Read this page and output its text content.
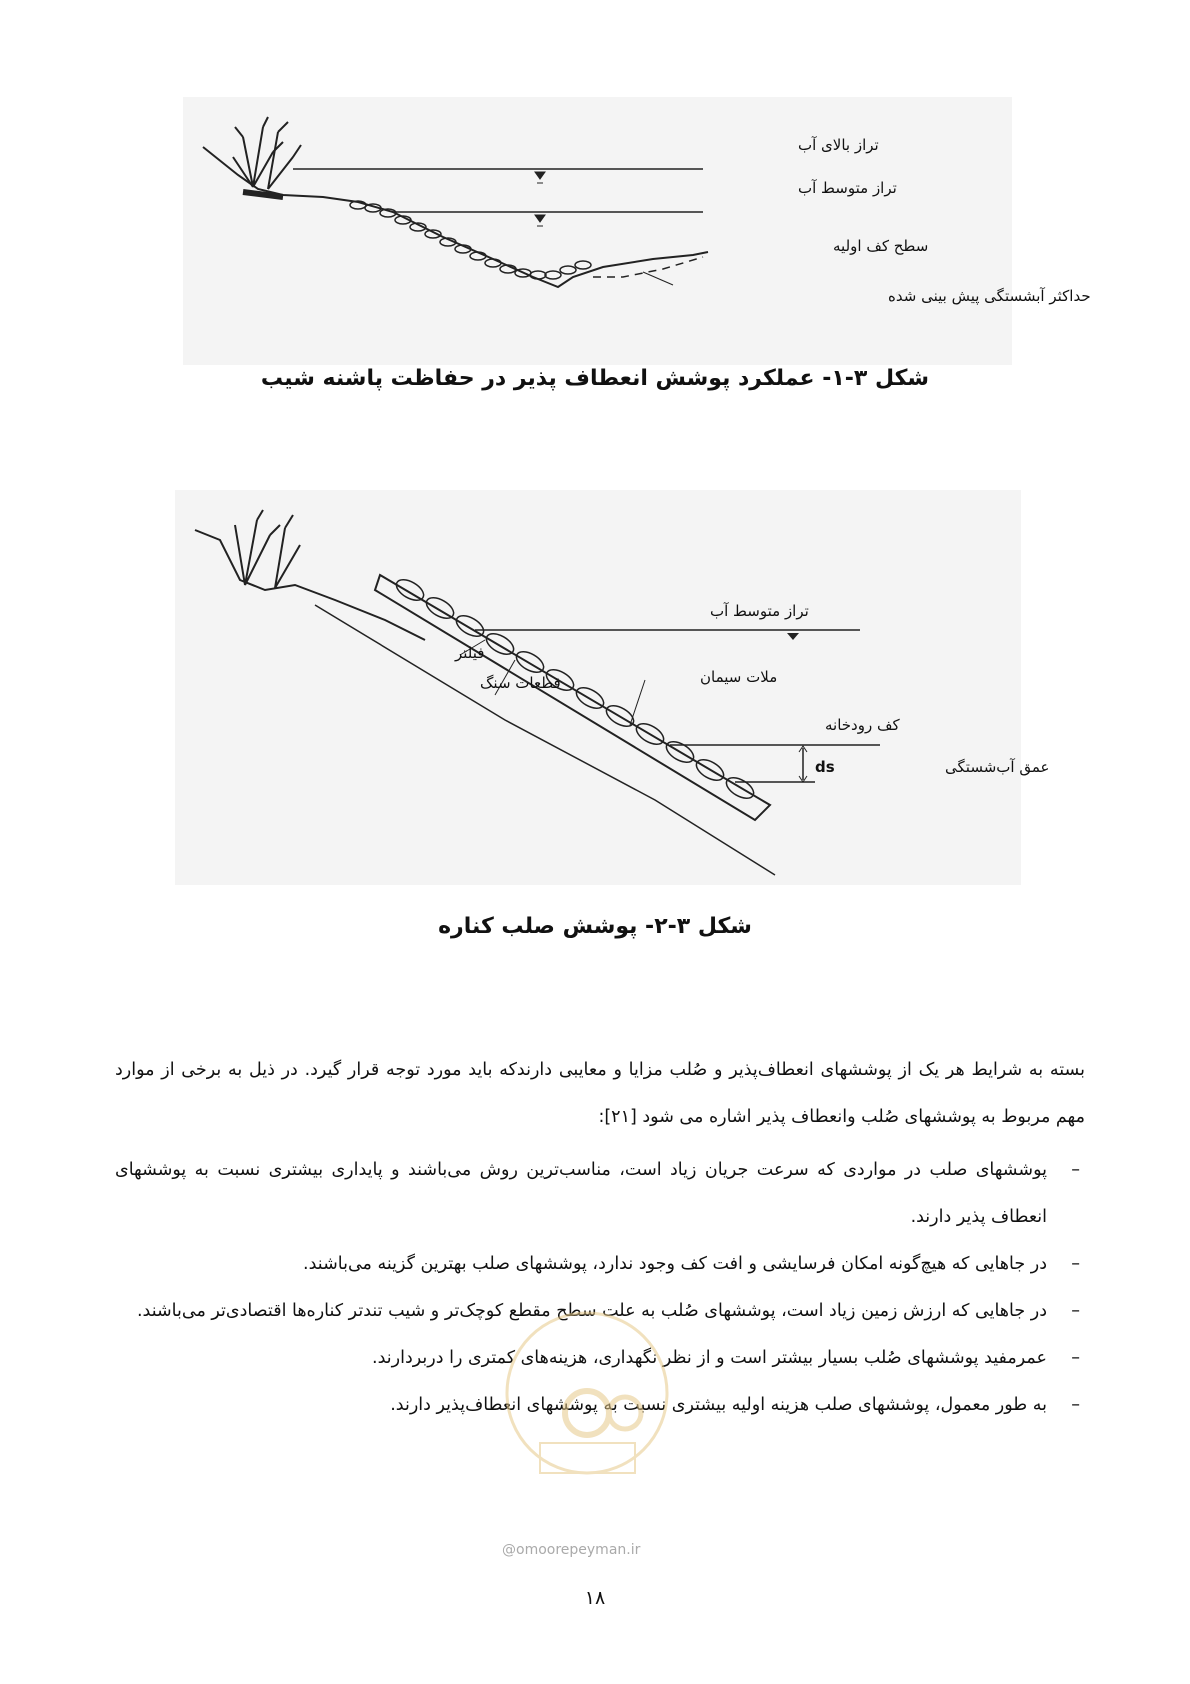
تراز بالای آب
تراز متوسط آب
سطح کف اولیه
حداکثر آبشستگی پیش بینی شده
شکل ۳-۱- عملکرد پوشش انعطاف پذیر در حفاظت پاشنه شیب
تراز متوسط آب
فیلتر
قطعات سنگ	ملات سیمان
کف رودخانه
عمق آب‌شستگی
ds
شکل ۳-۲- پوشش صلب کناره

بسته به شرایط هر یک از پوششهای انعطاف‌پذیر و صُلب مزایا و معایبی دارندکه باید مورد توجه قرار گیرد. در ذیل به برخی از موارد مهم مربوط به پوششهای صُلب وانعطاف پذیر اشاره می شود [۲۱]:

– پوششهای صلب در مواردی که سرعت جریان زیاد است، مناسب‌ترین روش می‌باشند و پایداری بیشتری نسبت به پوششهای انعطاف پذیر دارند.
– در جاهایی که هیچ‌گونه امکان فرسایشی و افت کف وجود ندارد، پوششهای صلب بهترین گزینه می‌باشند.
– در جاهایی که ارزش زمین زیاد است، پوششهای صُلب به علت سطح مقطع کوچک‌تر و شیب تندتر کناره‌ها اقتصادی‌تر می‌باشند.
– عمرمفید پوششهای صُلب بسیار بیشتر است و از نظر نگهداری، هزینه‌های کمتری را دربردارند.
– به طور معمول، پوششهای صلب هزینه اولیه بیشتری نسبت به پوششهای انعطاف‌پذیر دارند.
@omoorepeyman.ir
۱۸
